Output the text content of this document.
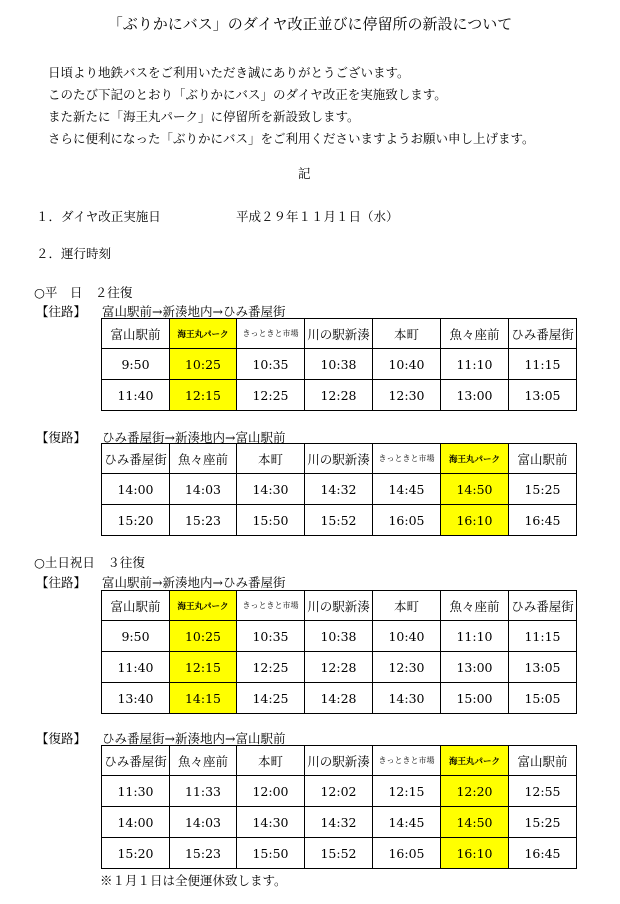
「ぶりかにバス」のダイヤ改正並びに停留所の新設について
日頃より地鉄バスをご利用いただき誠にありがとうございます。
このたび下記のとおり「ぶりかにバス」のダイヤ改正を実施致します。
また新たに「海王丸パーク」に停留所を新設致します。
さらに便利になった「ぶりかにバス」をご利用くださいますようお願い申し上げます。
記
１．ダイヤ改正実施日	平成２９年１１月１日（水）
２．運行時刻
○平　日　２往復
【往路】 富山駅前→新湊地内→ひみ番屋街
富山駅前	海王丸パーク	きっときと市場	川の駅新湊	本町	魚々座前	ひみ番屋街
9:50	10:25	10:35	10:38	10:40	11:10	11:15
11:40	12:15	12:25	12:28	12:30	13:00	13:05
【復路】 ひみ番屋街→新湊地内→富山駅前
ひみ番屋街	魚々座前	本町	川の駅新湊	きっときと市場	海王丸パーク	富山駅前
14:00	14:03	14:30	14:32	14:45	14:50	15:25
15:20	15:23	15:50	15:52	16:05	16:10	16:45
○土日祝日　３往復
【往路】 富山駅前→新湊地内→ひみ番屋街
富山駅前	海王丸パーク	きっときと市場	川の駅新湊	本町	魚々座前	ひみ番屋街
9:50	10:25	10:35	10:38	10:40	11:10	11:15
11:40	12:15	12:25	12:28	12:30	13:00	13:05
13:40	14:15	14:25	14:28	14:30	15:00	15:05
【復路】 ひみ番屋街→新湊地内→富山駅前
ひみ番屋街	魚々座前	本町	川の駅新湊	きっときと市場	海王丸パーク	富山駅前
11:30	11:33	12:00	12:02	12:15	12:20	12:55
14:00	14:03	14:30	14:32	14:45	14:50	15:25
15:20	15:23	15:50	15:52	16:05	16:10	16:45
※１月１日は全便運休致します。
